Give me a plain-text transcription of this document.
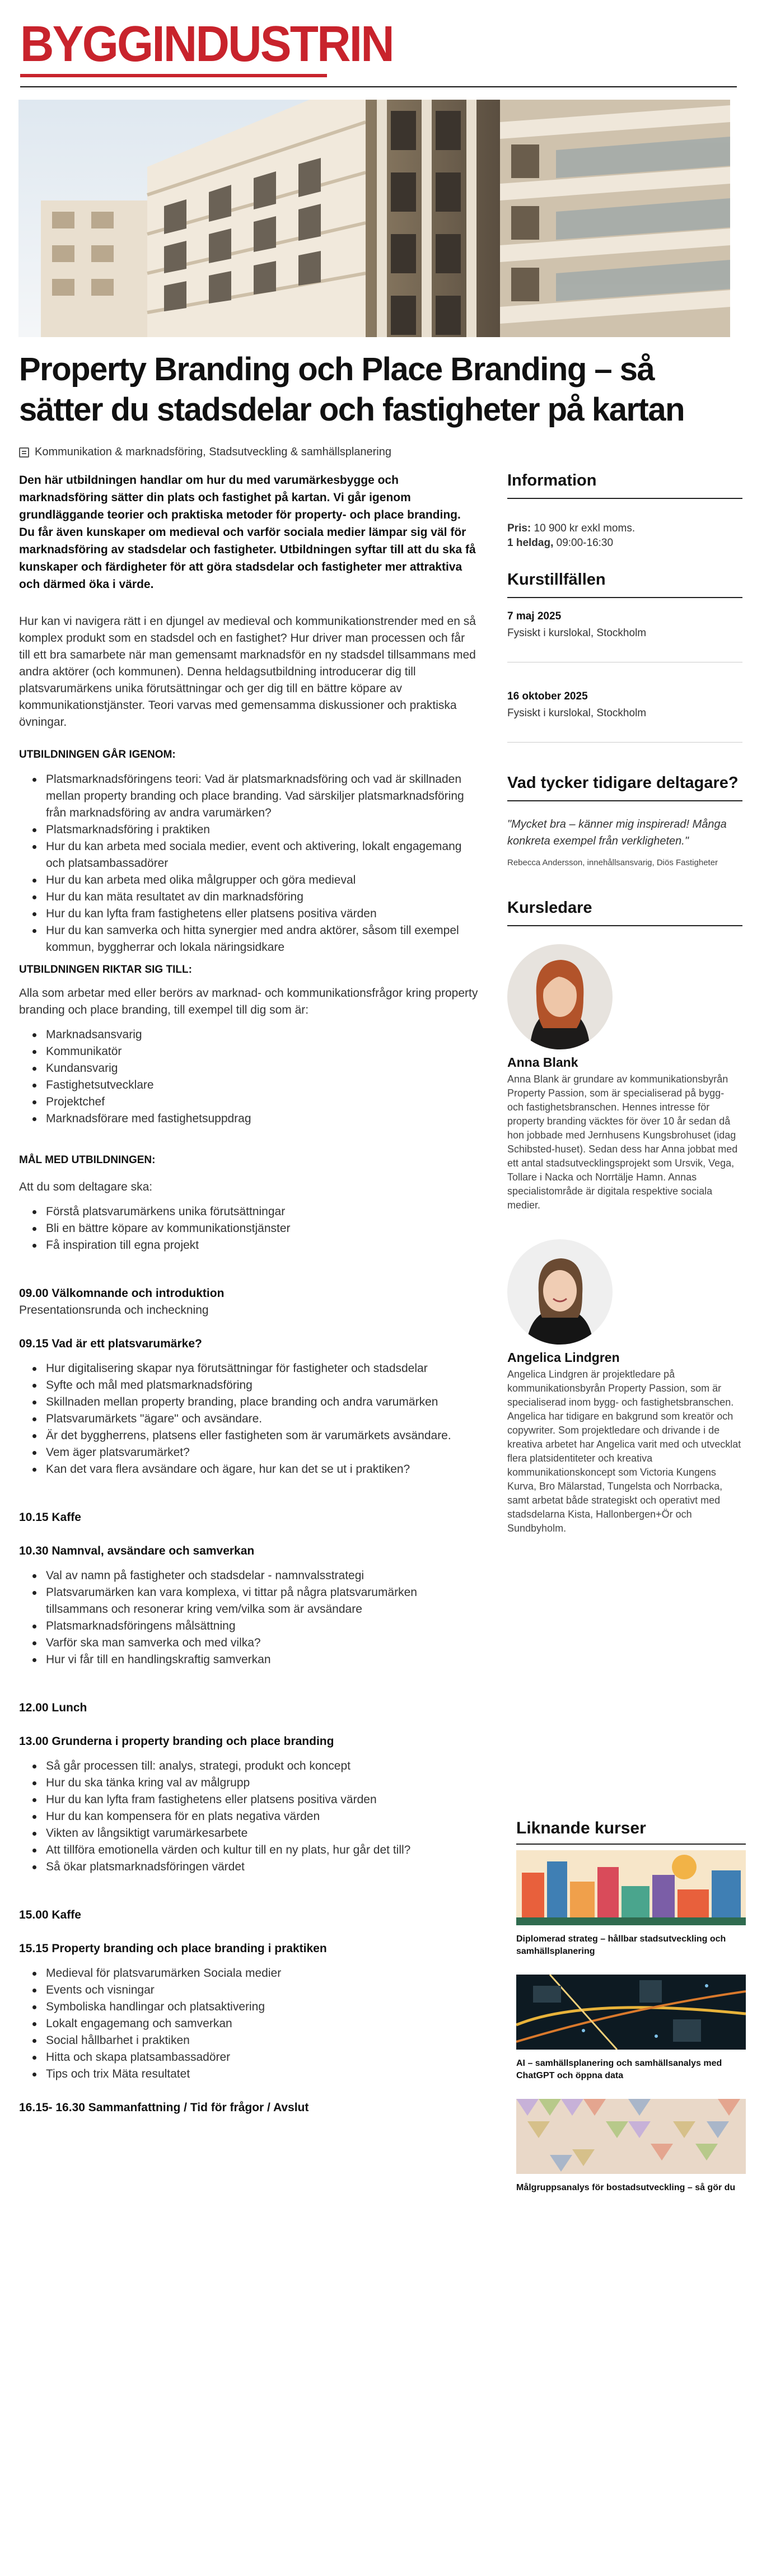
BYGGINDUSTRIN
Property Branding och Place Branding – så sätter du stadsdelar och fastigheter på kartan
Kommunikation & marknadsföring, Stadsutveckling & samhällsplanering

Den här utbildningen handlar om hur du med varumärkesbygge och marknadsföring sätter din plats och fastighet på kartan. Vi går igenom grundläggande teorier och praktiska metoder för property- och place branding. Du får även kunskaper om medieval och varför sociala medier lämpar sig väl för marknadsföring av stadsdelar och fastigheter. Utbildningen syftar till att du ska få kunskaper och färdigheter för att göra stadsdelar och fastigheter mer attraktiva och därmed öka i värde.

Hur kan vi navigera rätt i en djungel av medieval och kommunikationstrender med en så komplex produkt som en stadsdel och en fastighet? Hur driver man processen och får till ett bra samarbete när man gemensamt marknadsför en ny stadsdel tillsammans med andra aktörer (och kommunen). Denna heldagsutbildning introducerar dig till platsvarumärkens unika förutsättningar och ger dig till en bättre köpare av kommunikationstjänster. Teori varvas med gemensamma diskussioner och praktiska övningar.

UTBILDNINGEN GÅR IGENOM:

Platsmarknadsföringens teori: Vad är platsmarknadsföring och vad är skillnaden mellan property branding och place branding. Vad särskiljer platsmarknadsföring från marknadsföring av andra varumärken?
Platsmarknadsföring i praktiken
Hur du kan arbeta med sociala medier, event och aktivering, lokalt engagemang och platsambassadörer
Hur du kan arbeta med olika målgrupper och göra medieval
Hur du kan mäta resultatet av din marknadsföring
Hur du kan lyfta fram fastighetens eller platsens positiva värden
Hur du kan samverka och hitta synergier med andra aktörer, såsom till exempel kommun, byggherrar och lokala näringsidkare

UTBILDNINGEN RIKTAR SIG TILL:

Alla som arbetar med eller berörs av marknad- och kommunikationsfrågor kring property branding och place branding, till exempel till dig som är:

Marknadsansvarig
Kommunikatör
Kundansvarig
Fastighetsutvecklare
Projektchef
Marknadsförare med fastighetsuppdrag

MÅL MED UTBILDNINGEN:

Att du som deltagare ska:

Förstå platsvarumärkens unika förutsättningar
Bli en bättre köpare av kommunikationstjänster
Få inspiration till egna projekt

09.00 Välkomnande och introduktion

Presentationsrunda och incheckning

09.15 Vad är ett platsvarumärke?

Hur digitalisering skapar nya förutsättningar för fastigheter och stadsdelar
Syfte och mål med platsmarknadsföring
Skillnaden mellan property branding, place branding och andra varumärken
Platsvarumärkets "ägare" och avsändare.
Är det byggherrens, platsens eller fastigheten som är varumärkets avsändare.
Vem äger platsvarumärket?
Kan det vara flera avsändare och ägare, hur kan det se ut i praktiken?

10.15 Kaffe

10.30 Namnval, avsändare och samverkan

Val av namn på fastigheter och stadsdelar - namnvalsstrategi
Platsvarumärken kan vara komplexa, vi tittar på några platsvarumärken tillsammans och resonerar kring vem/vilka som är avsändare
Platsmarknadsföringens målsättning
Varför ska man samverka och med vilka?
Hur vi får till en handlingskraftig samverkan

12.00 Lunch

13.00 Grunderna i property branding och place branding

Så går processen till: analys, strategi, produkt och koncept
Hur du ska tänka kring val av målgrupp
Hur du kan lyfta fram fastighetens eller platsens positiva värden
Hur du kan kompensera för en plats negativa värden
Vikten av långsiktigt varumärkesarbete
Att tillföra emotionella värden och kultur till en ny plats, hur går det till?
Så ökar platsmarknadsföringen värdet

15.00 Kaffe

15.15 Property branding och place branding i praktiken

Medieval för platsvarumärken Sociala medier
Events och visningar
Symboliska handlingar och platsaktivering
Lokalt engagemang och samverkan
Social hållbarhet i praktiken
Hitta och skapa platsambassadörer
Tips och trix Mäta resultatet

16.15- 16.30 Sammanfattning / Tid för frågor / Avslut

Information
Pris: 10 900 kr exkl moms.
1 heldag, 09:00-16:30
Kurstillfällen
7 maj 2025
Fysiskt i kurslokal, Stockholm
16 oktober 2025
Fysiskt i kurslokal, Stockholm
Vad tycker tidigare deltagare?

"Mycket bra – känner mig inspirerad! Många konkreta exempel från verkligheten."

Rebecca Andersson, innehållsansvarig, Diös Fastigheter

Kursledare
Anna Blank

Anna Blank är grundare av kommunikationsbyrån Property Passion, som är specialiserad på bygg- och fastighetsbranschen. Hennes intresse för property branding väcktes för över 10 år sedan då hon jobbade med Jernhusens Kungsbrohuset (idag Schibsted-huset). Sedan dess har Anna jobbat med ett antal stadsutvecklingsprojekt som Ursvik, Vega, Tollare i Nacka och Norrtälje Hamn. Annas specialistområde är digitala respektive sociala medier.

Angelica Lindgren

Angelica Lindgren är projektledare på kommunikationsbyrån Property Passion, som är specialiserad inom bygg- och fastighetsbranschen. Angelica har tidigare en bakgrund som kreatör och copywriter. Som projektledare och drivande i de kreativa arbetet har Angelica varit med och utvecklat flera platsidentiteter och kreativa kommunikationskoncept som Victoria Kungens Kurva, Bro Mälarstad, Tungelsta och Norrbacka, samt arbetat både strategiskt och operativt med stadsdelarna Kista, Hallonbergen+Ör och Sundbyholm.

Liknande kurser
Diplomerad strateg – hållbar stadsutveckling och samhällsplanering
AI – samhällsplanering och samhällsanalys med ChatGPT och öppna data
Målgruppsanalys för bostadsutveckling – så gör du
